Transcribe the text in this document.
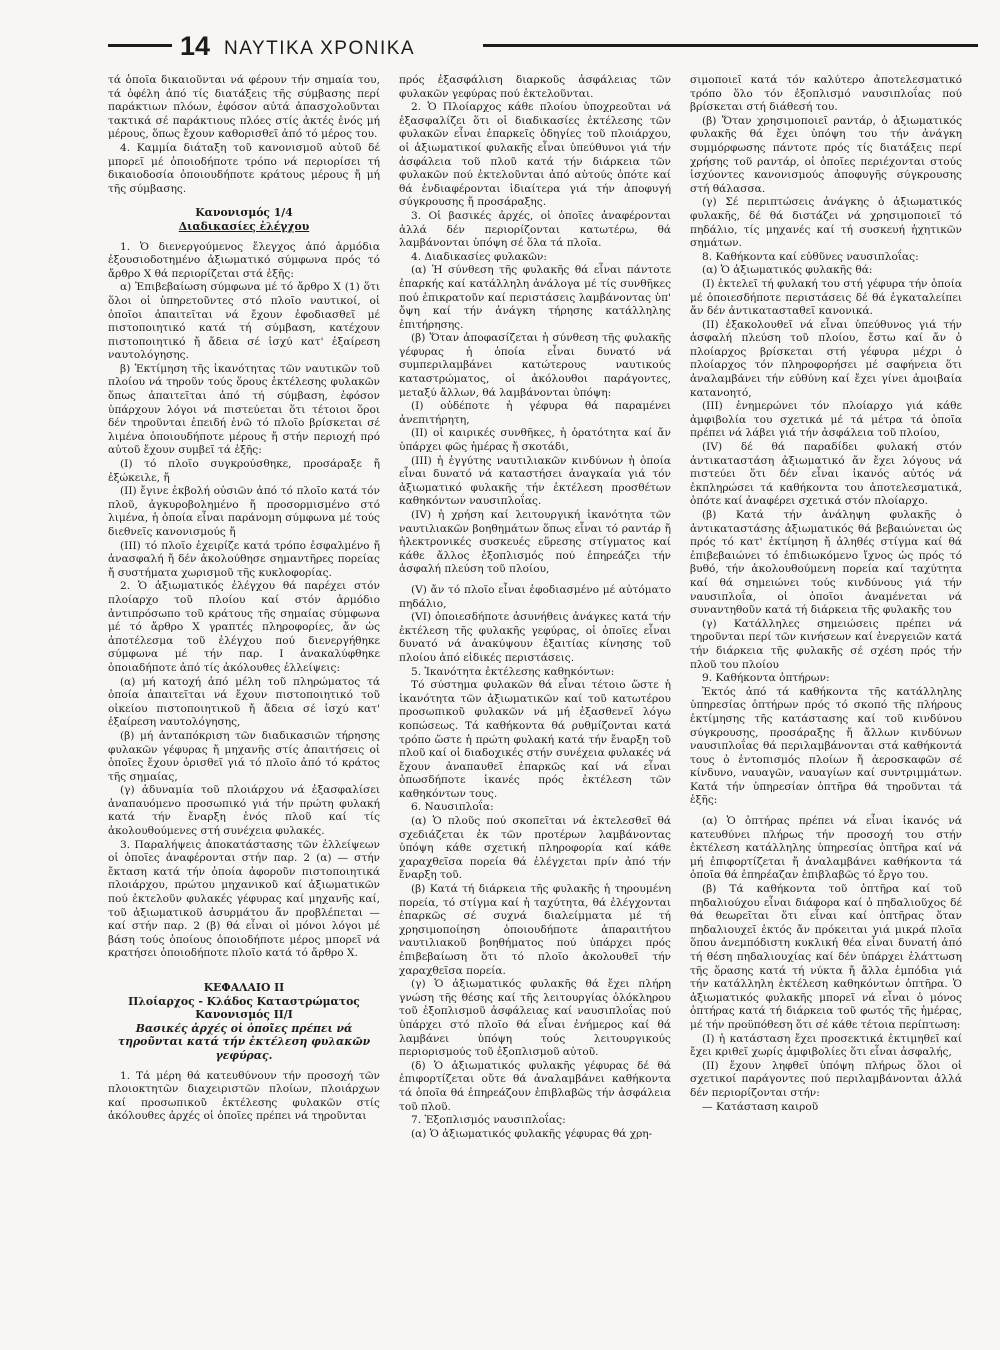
14 ΝΑΥΤΙΚΑ ΧΡΟΝΙΚΑ

τά ὁποῖα δικαιοῦνται νά φέρουν τήν σημαία του, τά ὀφέλη ἀπό τίς διατάξεις τῆς σύμβασης περί παράκτιων πλόων, ἐφόσον αὐτά ἀπασχολοῦνται τακτικά σέ παράκτιους πλόες στίς ἀκτές ἑνός μή μέρους, ὅπως ἔχουν καθορισθεῖ ἀπό τό μέρος του.

4. Καμμία διάταξη τοῦ κανονισμοῦ αὐτοῦ δέ μπορεῖ μέ ὁποιοδήποτε τρόπο νά περιορίσει τή δικαιοδοσία ὁποιουδήποτε κράτους μέρους ἤ μή τῆς σύμβασης.

Κανονισμός 1/4

Διαδικασίες ἐλέγχου

1. Ὁ διενεργούμενος ἔλεγχος ἀπό ἁρμόδια ἐξουσιοδοτημένο ἀξιωματικό σύμφωνα πρός τό ἄρθρο Χ θά περιορίζεται στά ἑξῆς:

α) Ἐπιβεβαίωση σύμφωνα μέ τό ἄρθρο Χ (1) ὅτι ὅλοι οἱ ὑπηρετοῦντες στό πλοῖο ναυτικοί, οἱ ὁποῖοι ἀπαιτεῖται νά ἔχουν ἐφοδιασθεῖ μέ πιστοποιητικό κατά τή σύμβαση, κατέχουν πιστοποιητικό ἤ ἄδεια σέ ἰσχύ κατ' ἐξαίρεση ναυτολόγησης.

β) Ἐκτίμηση τῆς ἱκανότητας τῶν ναυτικῶν τοῦ πλοίου νά τηροῦν τούς ὅρους ἐκτέλεσης φυλακῶν ὅπως ἀπαιτεῖται ἀπό τή σύμβαση, ἐφόσον ὑπάρχουν λόγοι νά πιστεύεται ὅτι τέτοιοι ὅροι δέν τηροῦνται ἐπειδή ἐνῶ τό πλοῖο βρίσκεται σέ λιμένα ὁποιουδήποτε μέρους ἤ στήν περιοχή πρό αὐτοῦ ἔχουν συμβεῖ τά ἑξῆς:

(Ι) τό πλοῖο συγκρούσθηκε, προσάραξε ἤ ἐξώκειλε, ἤ

(ΙΙ) ἔγινε ἐκβολή οὐσιῶν ἀπό τό πλοῖο κατά τόν πλοῦ, ἀγκυροβολημένο ἤ προσορμισμένο στό λιμένα, ἡ ὁποία εἶναι παράνομη σύμφωνα μέ τούς διεθνεῖς κανονισμούς ἤ

(ΙΙΙ) τό πλοῖο ἐχειρίζε κατά τρόπο ἐσφαλμένο ἤ ἀνασφαλή ἤ δέν ἀκολούθησε σημαντῆρες πορείας ἤ συστήματα χωρισμοῦ τῆς κυκλοφορίας.

2. Ὁ ἀξιωματικός ἐλέγχου θά παρέχει στόν πλοίαρχο τοῦ πλοίου καί στόν ἁρμόδιο ἀντιπρόσωπο τοῦ κράτους τῆς σημαίας σύμφωνα μέ τό ἄρθρο Χ γραπτές πληροφορίες, ἄν ὡς ἀποτέλεσμα τοῦ ἐλέγχου πού διενεργήθηκε σύμφωνα μέ τήν παρ. Ι ἀνακαλύφθηκε ὁποιαδήποτε ἀπό τίς ἀκόλουθες ἐλλείψεις:

(α) μή κατοχή ἀπό μέλη τοῦ πληρώματος τά ὁποία ἀπαιτεῖται νά ἔχουν πιστοποιητικό τοῦ οἰκείου πιστοποιητικοῦ ἤ ἄδεια σέ ἰσχύ κατ' ἐξαίρεση ναυτολόγησης,

(β) μή ἀνταπόκριση τῶν διαδικασιῶν τήρησης φυλακῶν γέφυρας ἤ μηχανῆς στίς ἀπαιτήσεις οἱ ὁποῖες ἔχουν ὁρισθεῖ γιά τό πλοῖο ἀπό τό κράτος τῆς σημαίας,

(γ) ἀδυναμία τοῦ πλοιάρχου νά ἐξασφαλίσει ἀναπαυόμενο προσωπικό γιά τήν πρώτη φυλακή κατά τήν ἔναρξη ἑνός πλοῦ καί τίς ἀκολουθούμενες στή συνέχεια φυλακές.

3. Παραλήψεις ἀποκατάστασης τῶν ἐλλείψεων οἱ ὁποῖες ἀναφέρονται στήν παρ. 2 (α) — στήν ἔκταση κατά τήν ὁποία ἀφοροῦν πιστοποιητικά πλοιάρχου, πρώτου μηχανικοῦ καί ἀξιωματικῶν πού ἐκτελοῦν φυλακές γέφυρας καί μηχανῆς καί, τοῦ ἀξιωματικοῦ ἀσυρμάτου ἄν προβλέπεται — καί στήν παρ. 2 (β) θά εἶναι οἱ μόνοι λόγοι μέ βάση τούς ὁποίους ὁποιοδήποτε μέρος μπορεῖ νά κρατήσει ὁποιοδήποτε πλοῖο κατά τό ἄρθρο Χ.

ΚΕΦΑΛΑΙΟ ΙΙ

Πλοίαρχος - Κλάδος Καταστρώματος

Κανονισμός ΙΙ/Ι

Βασικές ἀρχές οἱ ὁποῖες πρέπει νά τηροῦνται κατά τήν ἐκτέλεση φυλακῶν γεφύρας.

1. Τά μέρη θά κατευθύνουν τήν προσοχή τῶν πλοιοκτητῶν διαχειριστῶν πλοίων, πλοιάρχων καί προσωπικοῦ ἐκτέλεσης φυλακῶν στίς ἀκόλουθες ἀρχές οἱ ὁποῖες πρέπει νά τηροῦνται

πρός ἐξασφάλιση διαρκοῦς ἀσφάλειας τῶν φυλακῶν γεφύρας πού ἐκτελοῦνται.

2. Ὁ Πλοίαρχος κάθε πλοίου ὑποχρεοῦται νά ἐξασφαλίζει ὅτι οἱ διαδικασίες ἐκτέλεσης τῶν φυλακῶν εἶναι ἐπαρκεῖς ὁδηγίες τοῦ πλοιάρχου, οἱ ἀξιωματικοί φυλακῆς εἶναι ὑπεύθυνοι γιά τήν ἀσφάλεια τοῦ πλοῦ κατά τήν διάρκεια τῶν φυλακῶν πού ἐκτελοῦνται ἀπό αὐτούς ὁπότε καί θά ἐνδιαφέρονται ἰδιαίτερα γιά τήν ἀποφυγή σύγκρουσης ἤ προσάραξης.

3. Οἱ βασικές ἀρχές, οἱ ὁποῖες ἀναφέρονται ἀλλά δέν περιορίζονται κατωτέρω, θά λαμβάνονται ὑπόψη σέ ὅλα τά πλοῖα.

4. Διαδικασίες φυλακῶν:

(α) Ἡ σύνθεση τῆς φυλακῆς θά εἶναι πάντοτε ἐπαρκής καί κατάλληλη ἀνάλογα μέ τίς συνθῆκες πού ἐπικρατοῦν καί περιστάσεις λαμβάνοντας ὑπ' ὄψη καί τήν ἀνάγκη τήρησης κατάλληλης ἐπιτήρησης.

(β) Ὅταν ἀποφασίζεται ἡ σύνθεση τῆς φυλακῆς γέφυρας ἡ ὁποία εἶναι δυνατό νά συμπεριλαμβάνει κατώτερους ναυτικούς καταστρώματος, οἱ ἀκόλουθοι παράγοντες, μεταξύ ἄλλων, θά λαμβάνονται ὑπόψη:

(Ι) οὐδέποτε ἡ γέφυρα θά παραμένει ἀνεπιτήρητη,

(ΙΙ) οἱ καιρικές συνθῆκες, ἡ ὁρατότητα καί ἄν ὑπάρχει φῶς ἡμέρας ἤ σκοτάδι,

(ΙΙΙ) ἡ ἐγγύτης ναυτιλιακῶν κινδύνων ἡ ὁποία εἶναι δυνατό νά καταστήσει ἀναγκαία γιά τόν ἀξιωματικό φυλακῆς τήν ἐκτέλεση προσθέτων καθηκόντων ναυσιπλοΐας.

(ΙV) ἡ χρήση καί λειτουργική ἱκανότητα τῶν ναυτιλιακῶν βοηθημάτων ὅπως εἶναι τό ραντάρ ἤ ἠλεκτρονικές συσκευές εὕρεσης στίγματος καί κάθε ἄλλος ἐξοπλισμός πού ἐπηρεάζει τήν ἀσφαλή πλεύση τοῦ πλοίου,

(V) ἄν τό πλοῖο εἶναι ἐφοδιασμένο μέ αὐτόματο πηδάλιο,

(VI) ὁποιεσδήποτε ἀσυνήθεις ἀνάγκες κατά τήν ἐκτέλεση τῆς φυλακῆς γεφύρας, οἱ ὁποῖες εἶναι δυνατό νά ἀνακύψουν ἐξαιτίας κίνησης τοῦ πλοίου ἀπό εἰδικές περιστάσεις.

5. Ἱκανότητα ἐκτέλεσης καθηκόντων:

Τό σύστημα φυλακῶν θά εἶναι τέτοιο ὥστε ἡ ἱκανότητα τῶν ἀξιωματικῶν καί τοῦ κατωτέρου προσωπικοῦ φυλακῶν νά μή ἐξασθενεῖ λόγω κοπώσεως. Τά καθήκοντα θά ρυθμίζονται κατά τρόπο ὥστε ἡ πρώτη φυλακή κατά τήν ἔναρξη τοῦ πλοῦ καί οἱ διαδοχικές στήν συνέχεια φυλακές νά ἔχουν ἀναπαυθεῖ ἐπαρκῶς καί νά εἶναι ὁπωσδήποτε ἱκανές πρός ἐκτέλεση τῶν καθηκόντων τους.

6. Ναυσιπλοΐα:

(α) Ὁ πλοῦς πού σκοπεῖται νά ἐκτελεσθεῖ θά σχεδιάζεται ἐκ τῶν προτέρων λαμβάνοντας ὑπόψη κάθε σχετική πληροφορία καί κάθε χαραχθεῖσα πορεία θά ἐλέγχεται πρίν ἀπό τήν ἔναρξη τοῦ.

(β) Κατά τή διάρκεια τῆς φυλακῆς ἡ τηρουμένη πορεία, τό στίγμα καί ἡ ταχύτητα, θά ἐλέγχονται ἐπαρκῶς σέ συχνά διαλείμματα μέ τή χρησιμοποίηση ὁποιουδήποτε ἀπαραιτήτου ναυτιλιακοῦ βοηθήματος πού ὑπάρχει πρός ἐπιβεβαίωση ὅτι τό πλοῖο ἀκολουθεῖ τήν χαραχθεῖσα πορεία.

(γ) Ὁ ἀξιωματικός φυλακῆς θά ἔχει πλήρη γνώση τῆς θέσης καί τῆς λειτουργίας ὁλόκληρου τοῦ ἐξοπλισμοῦ ἀσφάλειας καί ναυσιπλοΐας πού ὑπάρχει στό πλοῖο θά εἶναι ἐνήμερος καί θά λαμβάνει ὑπόψη τούς λειτουργικούς περιορισμούς τοῦ ἐξοπλισμοῦ αὐτοῦ.

(δ) Ὁ ἀξιωματικός φυλακῆς γέφυρας δέ θά ἐπιφορτίζεται οὔτε θά ἀναλαμβάνει καθήκοντα τά ὁποῖα θά ἐπηρεάζουν ἐπιβλαβῶς τήν ἀσφάλεια τοῦ πλοῦ.

7. Ἐξοπλισμός ναυσιπλοΐας:

(α) Ὁ ἀξιωματικός φυλακῆς γέφυρας θά χρη-

σιμοποιεῖ κατά τόν καλύτερο ἀποτελεσματικό τρόπο ὅλο τόν ἐξοπλισμό ναυσιπλοΐας πού βρίσκεται στή διάθεσή του.

(β) Ὅταν χρησιμοποιεῖ ραντάρ, ὁ ἀξιωματικός φυλακῆς θά ἔχει ὑπόψη του τήν ἀνάγκη συμμόρφωσης πάντοτε πρός τίς διατάξεις περί χρήσης τοῦ ραντάρ, οἱ ὁποῖες περιέχονται στούς ἰσχύοντες κανονισμούς ἀποφυγῆς σύγκρουσης στή θάλασσα.

(γ) Σέ περιπτώσεις ἀνάγκης ὁ ἀξιωματικός φυλακῆς, δέ θά διστάζει νά χρησιμοποιεῖ τό πηδάλιο, τίς μηχανές καί τή συσκευή ἠχητικῶν σημάτων.

8. Καθήκοντα καί εὐθῦνες ναυσιπλοΐας:

(α) Ὁ ἀξιωματικός φυλακῆς θά:

(Ι) ἐκτελεῖ τή φυλακή του στή γέφυρα τήν ὁποία μέ ὁποιεσδήποτε περιστάσεις δέ θά ἐγκαταλείπει ἄν δέν ἀντικατασταθεῖ κανονικά.

(ΙΙ) ἐξακολουθεῖ νά εἶναι ὑπεύθυνος γιά τήν ἀσφαλή πλεύση τοῦ πλοίου, ἔστω καί ἄν ὁ πλοίαρχος βρίσκεται στή γέφυρα μέχρι ὁ πλοίαρχος τόν πληροφορήσει μέ σαφήνεια ὅτι ἀναλαμβάνει τήν εὐθύνη καί ἔχει γίνει ἀμοιβαία κατανοητό,

(ΙΙΙ) ἐνημερώνει τόν πλοίαρχο γιά κάθε ἀμφιβολία του σχετικά μέ τά μέτρα τά ὁποῖα πρέπει νά λάβει γιά τήν ἀσφάλεια τοῦ πλοίου,

(ΙV) δέ θά παραδίδει φυλακή στόν ἀντικαταστάση ἀξιωματικό ἄν ἔχει λόγους νά πιστεύει ὅτι δέν εἶναι ἱκανός αὐτός νά ἐκπληρώσει τά καθήκοντα του ἀποτελεσματικά, ὁπότε καί ἀναφέρει σχετικά στόν πλοίαρχο.

(β) Κατά τήν ἀνάληψη φυλακῆς ὁ ἀντικαταστάσης ἀξιωματικός θά βεβαιώνεται ὡς πρός τό κατ' ἐκτίμηση ἤ ἀληθές στίγμα καί θά ἐπιβεβαιώνει τό ἐπιδιωκόμενο ἴχνος ὡς πρός τό βυθό, τήν ἀκολουθούμενη πορεία καί ταχύτητα καί θά σημειώνει τούς κινδύνους γιά τήν ναυσιπλοΐα, οἱ ὁποῖοι ἀναμένεται νά συναντηθοῦν κατά τή διάρκεια τῆς φυλακῆς του

(γ) Κατάλληλες σημειώσεις πρέπει νά τηροῦνται περί τῶν κινήσεων καί ἐνεργειῶν κατά τήν διάρκεια τῆς φυλακῆς σέ σχέση πρός τήν πλοῦ του πλοίου

9. Καθήκοντα ὀπτήρων:

Ἐκτός ἀπό τά καθήκοντα τῆς κατάλληλης ὑπηρεσίας ὀπτήρων πρός τό σκοπό τῆς πλήρους ἐκτίμησης τῆς κατάστασης καί τοῦ κινδύνου σύγκρουσης, προσάραξης ἤ ἄλλων κινδύνων ναυσιπλοΐας θά περιλαμβάνονται στά καθήκοντά τους ὁ ἐντοπισμός πλοίων ἤ ἀεροσκαφῶν σέ κίνδυνο, ναυαγῶν, ναυαγίων καί συντριμμάτων. Κατά τήν ὑπηρεσίαν ὀπτῆρα θά τηροῦνται τά ἑξῆς:

(α) Ὁ ὀπτήρας πρέπει νά εἶναι ἱκανός νά κατευθύνει πλήρως τήν προσοχή του στήν ἐκτέλεση κατάλληλης ὑπηρεσίας ὀπτῆρα καί νά μή ἐπιφορτίζεται ἤ ἀναλαμβάνει καθήκοντα τά ὁποῖα θά ἐπηρέαζαν ἐπιβλαβῶς τό ἔργο του.

(β) Τά καθήκοντα τοῦ ὀπτῆρα καί τοῦ πηδαλιούχου εἶναι διάφορα καί ὁ πηδαλιοῦχος δέ θά θεωρεῖται ὅτι εἶναι καί ὀπτῆρας ὅταν πηδαλιουχεῖ ἐκτός ἄν πρόκειται γιά μικρά πλοῖα ὅπου ἀνεμπόδιστη κυκλική θέα εἶναι δυνατή ἀπό τή θέση πηδαλιουχίας καί δέν ὑπάρχει ἐλάττωση τῆς ὅρασης κατά τή νύκτα ἤ ἄλλα ἐμπόδια γιά τήν κατάλληλη ἐκτέλεση καθηκόντων ὀπτῆρα. Ὁ ἀξιωματικός φυλακῆς μπορεῖ νά εἶναι ὁ μόνος ὀπτήρας κατά τή διάρκεια τοῦ φωτός τῆς ἡμέρας, μέ τήν προϋπόθεση ὅτι σέ κάθε τέτοια περίπτωση:

(Ι) ἡ κατάσταση ἔχει προσεκτικά ἐκτιμηθεῖ καί ἔχει κριθεῖ χωρίς ἀμφιβολίες ὅτι εἶναι ἀσφαλής,

(ΙΙ) ἔχουν ληφθεῖ ὑπόψη πλήρως ὅλοι οἱ σχετικοί παράγοντες πού περιλαμβάνονται ἀλλά δέν περιορίζονται στήν:

— Κατάσταση καιροῦ
